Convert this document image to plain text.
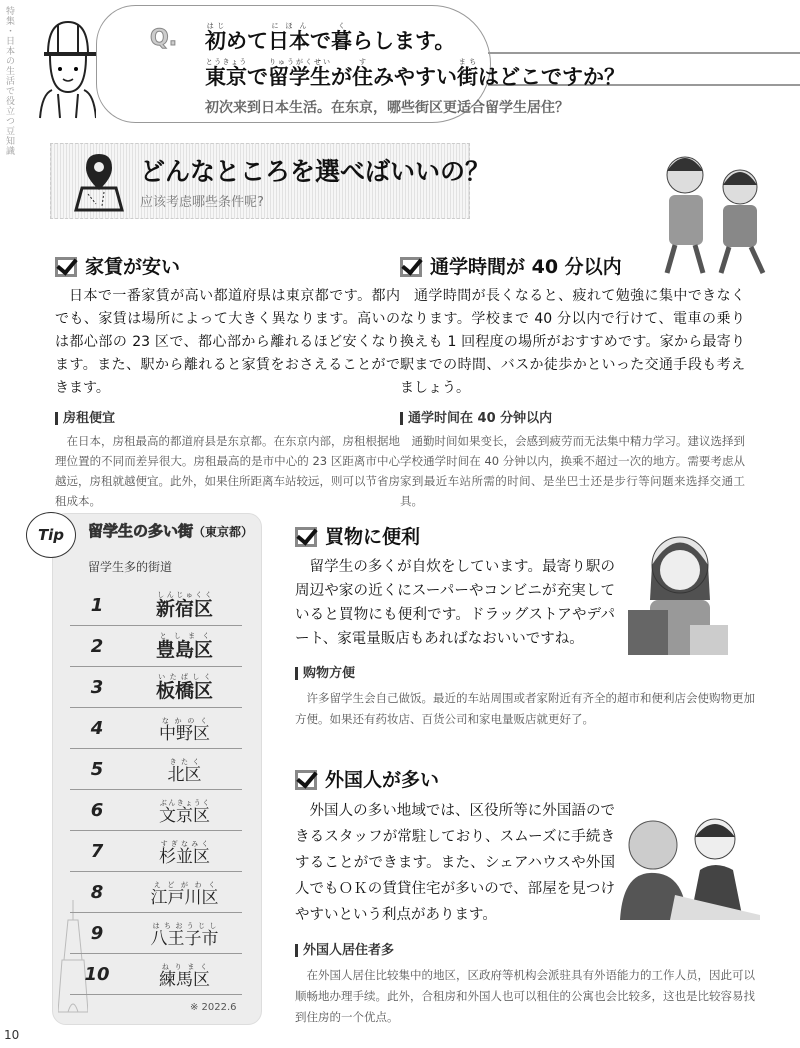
特集・日本の生活で役立つ豆知識	Q. 初はじめて日本にほんで暮くらします。
東京とうきょうで留学生りゅうがくせいが住すみやすい街まちはどこですか？
初次来到日本生活。在东京，哪些街区更适合留学生居住？
どんなところを選べばいいの？
应该考虑哪些条件呢?
家賃が安い

日本で一番家賃が高い都道府県は東京都です。都内でも、家賃は場所によって大きく異なります。高いのは都心部の 23 区で、都心部から離れるほど安くなります。また、駅から離れると家賃をおさえることができます。

房租便宜

在日本，房租最高的都道府县是东京都。在东京内部，房租根据地理位置的不同而差异很大。房租最高的是市中心的 23 区距离市中心越远，房租就越便宜。此外，如果住所距离车站较远，则可以节省房租成本。

通学時間が 40 分以内

通学時間が長くなると、疲れて勉強に集中できなくなります。学校まで 40 分以内で行けて、電車の乗り換えも 1 回程度の場所がおすすめです。家から最寄り駅までの時間、バスか徒歩かといった交通手段も考えましょう。

通学时间在 40 分钟以内

通勤时间如果变长，会感到疲劳而无法集中精力学习。建议选择到学校通学时间在 40 分钟以内，换乘不超过一次的地方。需要考虑从家到最近车站所需的时间、是坐巴士还是步行等问题来选择交通工具。

Tip	留学生の多い街（東京都）
留学生多的街道
1	新宿区しんじゅくく
2	豊島区としまく
3	板橋区いたばしく
4	中野区なかのく
5	北区きたく
6	文京区ぶんきょうく
7	杉並区すぎなみく
8	江戸川区えどがわく
9	八王子市はちおうじし
10	練馬区ねりまく
※ 2022.6
買物に便利

留学生の多くが自炊をしています。最寄り駅の周辺や家の近くにスーパーやコンビニが充実していると買物にも便利です。ドラッグストアやデパート、家電量販店もあればなおいいですね。

购物方便

许多留学生会自己做饭。最近的车站周围或者家附近有齐全的超市和便利店会使购物更加方便。如果还有药妆店、百货公司和家电量贩店就更好了。

外国人が多い

外国人の多い地域では、区役所等に外国語のできるスタッフが常駐しており、スムーズに手続きすることができます。また、シェアハウスや外国人でもＯＫの賃貸住宅が多いので、部屋を見つけやすいという利点があります。

外国人居住者多

在外国人居住比较集中的地区，区政府等机构会派驻具有外语能力的工作人员，因此可以顺畅地办理手续。此外，合租房和外国人也可以租住的公寓也会比较多，这也是比较容易找到住房的一个优点。

10
